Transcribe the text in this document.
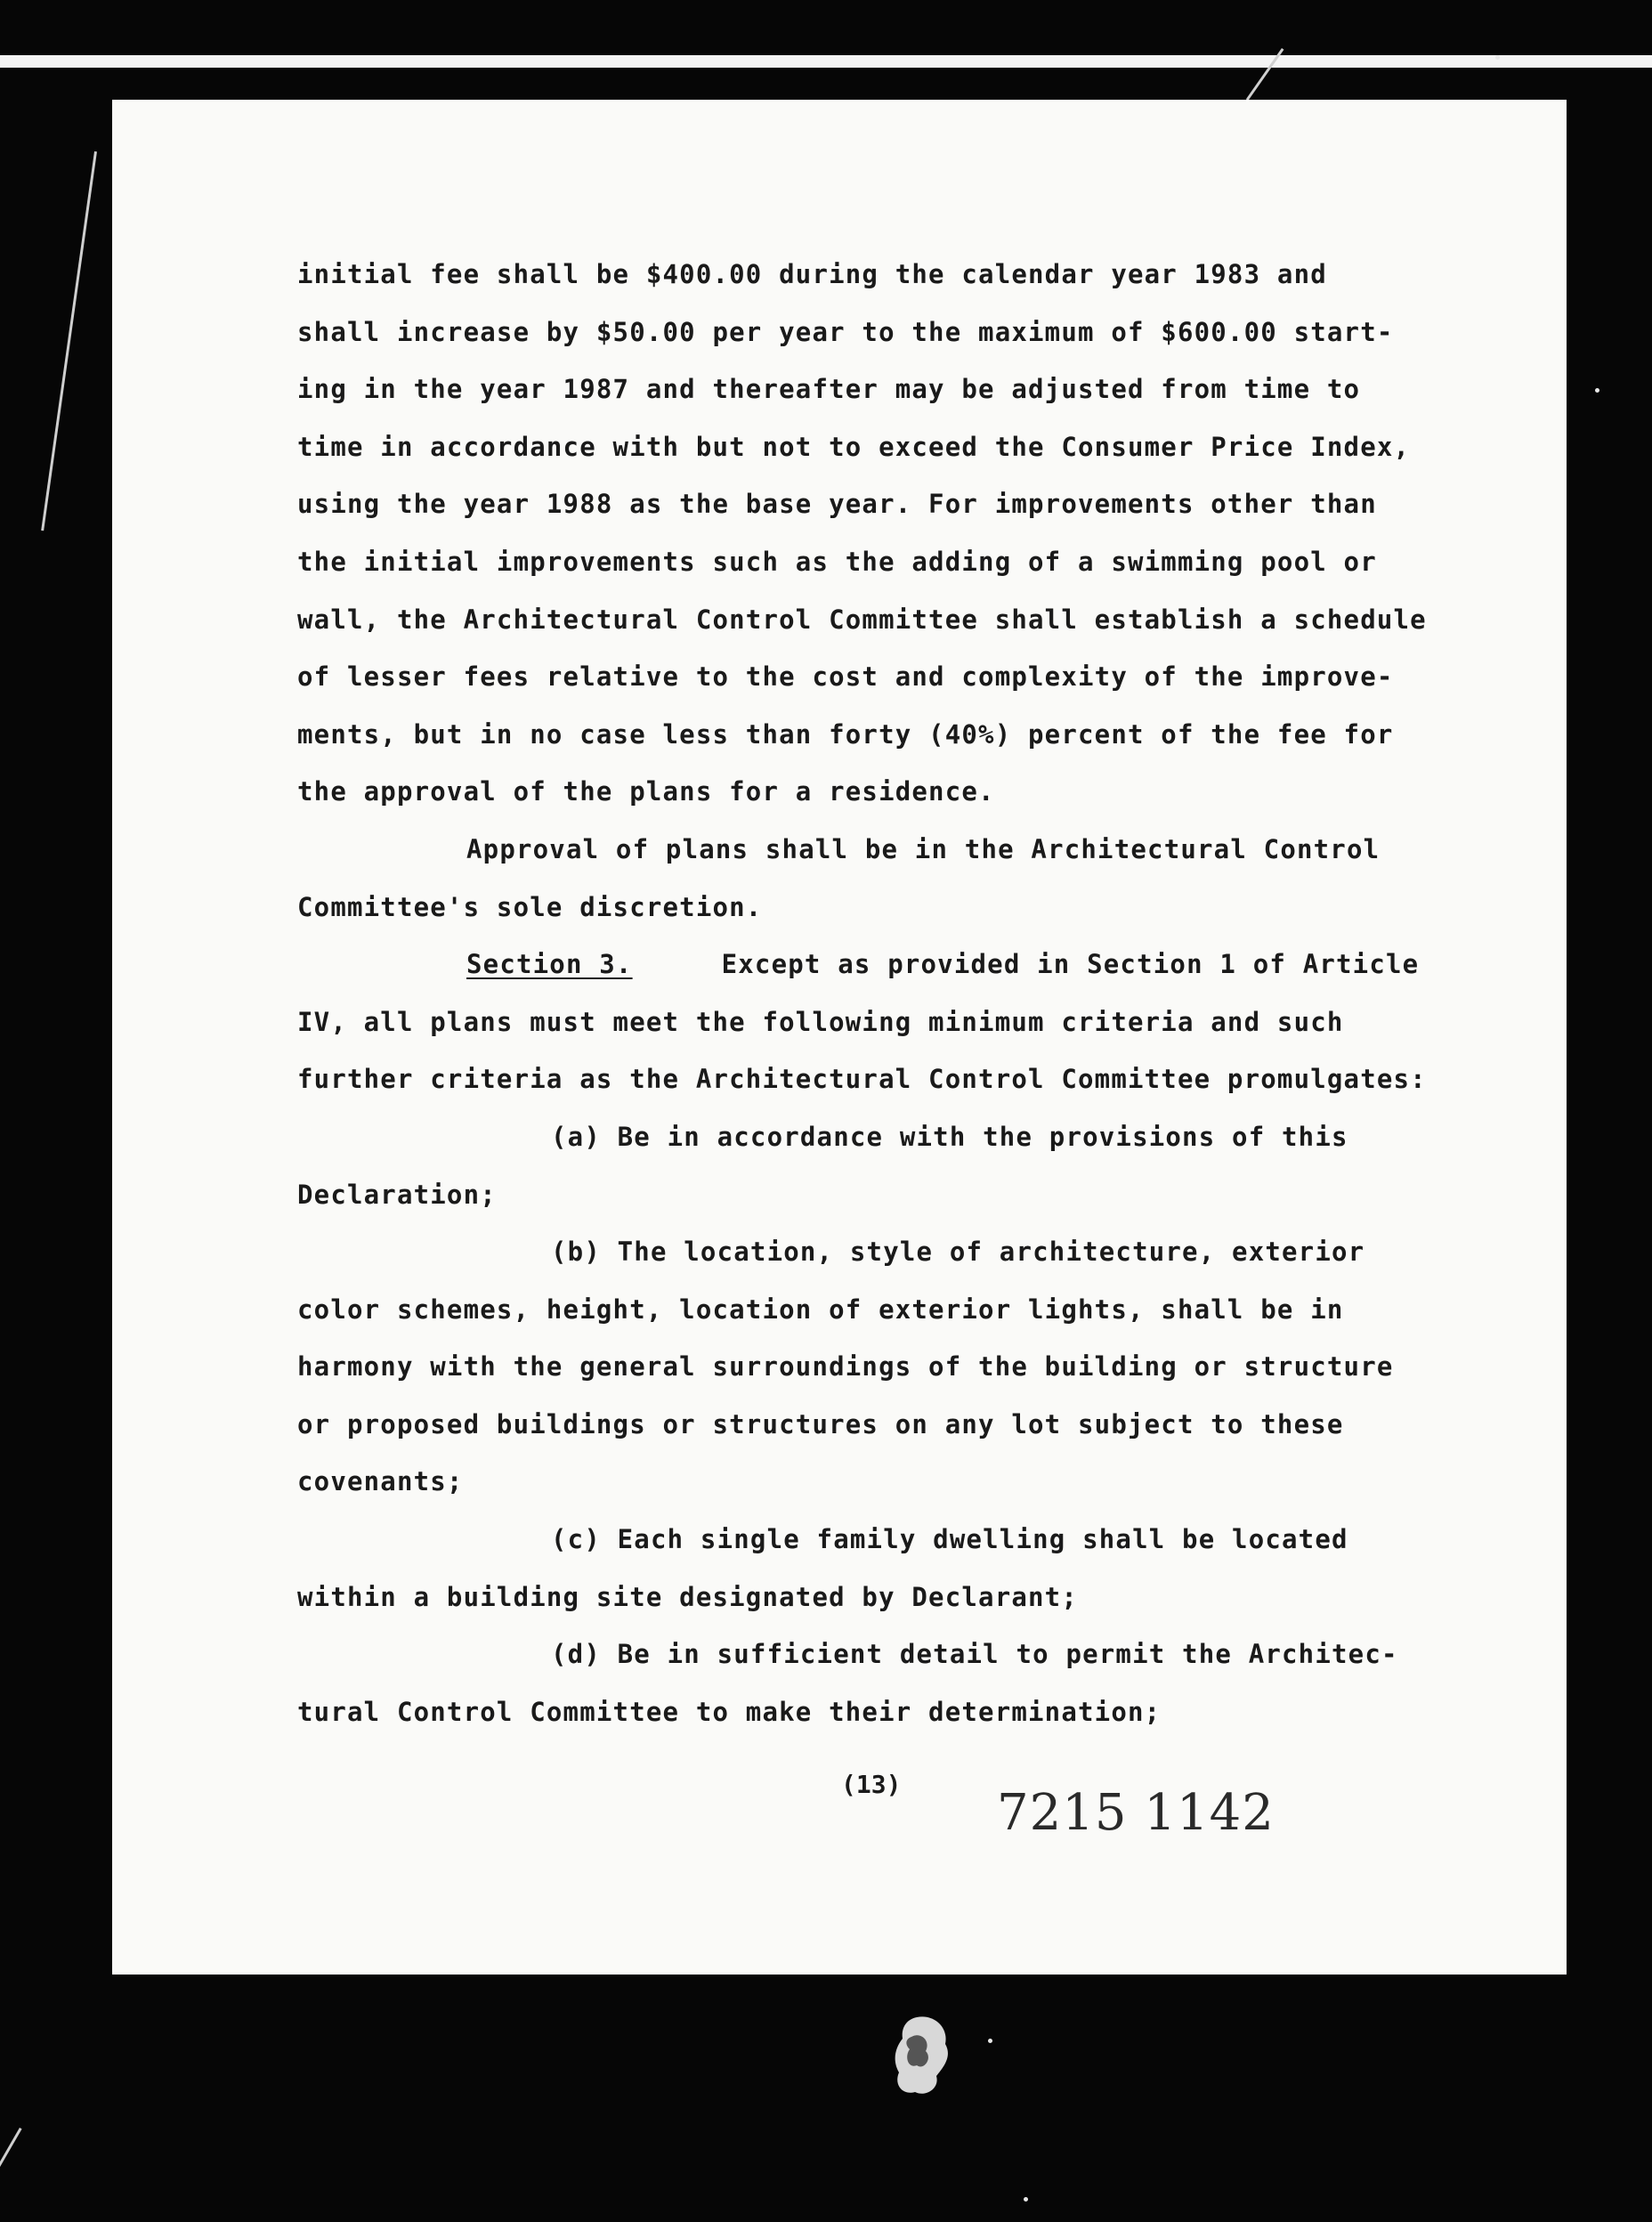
initial fee shall be $400.00 during the calendar year 1983 and
shall increase by $50.00 per year to the maximum of $600.00 start-
ing in the year 1987 and thereafter may be adjusted from time to
time in accordance with but not to exceed the Consumer Price Index,
using the year 1988 as the base year. For improvements other than
the initial improvements such as the adding of a swimming pool or
wall, the Architectural Control Committee shall establish a schedule
of lesser fees relative to the cost and complexity of the improve-
ments, but in no case less than forty (40%) percent of the fee for
the approval of the plans for a residence.
Approval of plans shall be in the Architectural Control
Committee's sole discretion.
Section 3.	Except as provided in Section 1 of Article
IV, all plans must meet the following minimum criteria and such
further criteria as the Architectural Control Committee promulgates:
(a) Be in accordance with the provisions of this
Declaration;
(b) The location, style of architecture, exterior
color schemes, height, location of exterior lights, shall be in
harmony with the general surroundings of the building or structure
or proposed buildings or structures on any lot subject to these
covenants;
(c) Each single family dwelling shall be located
within a building site designated by Declarant;
(d) Be in sufficient detail to permit the Architec-
tural Control Committee to make their determination;
(13) 7215 1142
